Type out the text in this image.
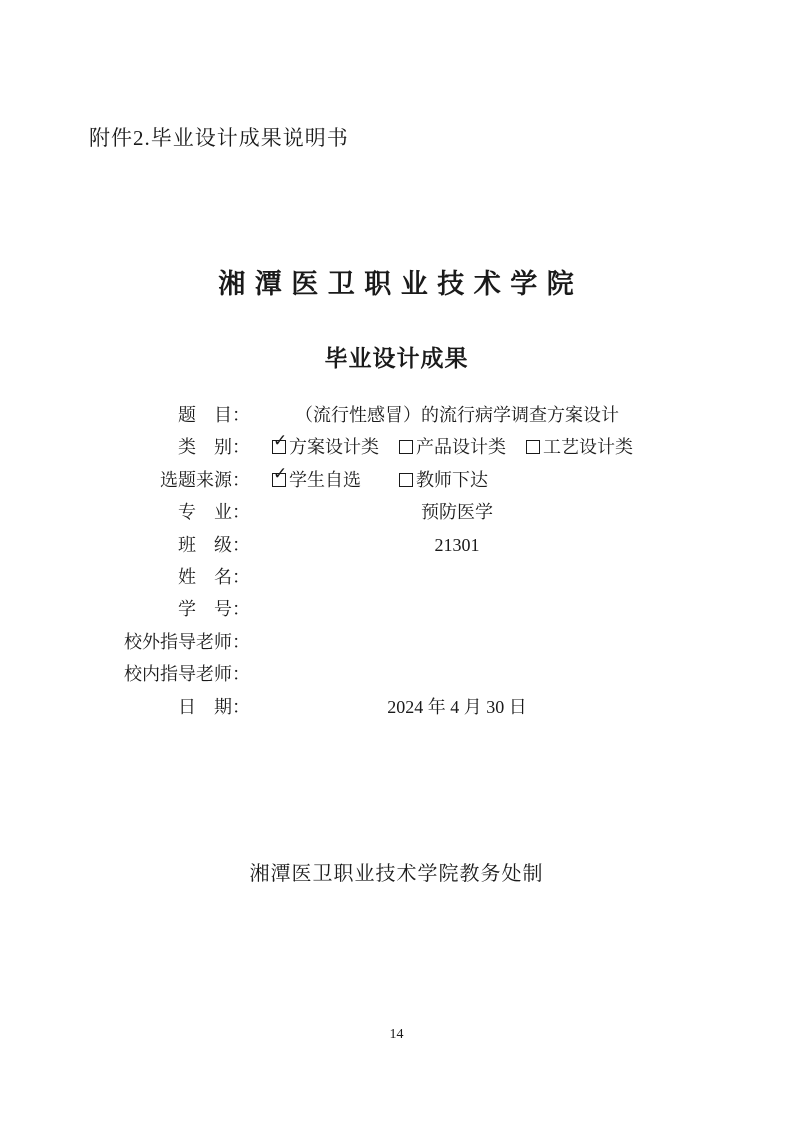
附件2.毕业设计成果说明书
湘 潭 医 卫 职 业 技 术 学 院
毕业设计成果
题　目：	（流行性感冒）的流行病学调查方案设计
类　别： ✓ 方案设计类 产品设计类 工艺设计类
选题来源： ✓ 学生自选	教师下达
专　业：	预防医学
班　级：	21301
姓　名：
学　号：
校外指导老师：
校内指导老师：
日　期：	2024 年 4 月 30 日
湘潭医卫职业技术学院教务处制
14
